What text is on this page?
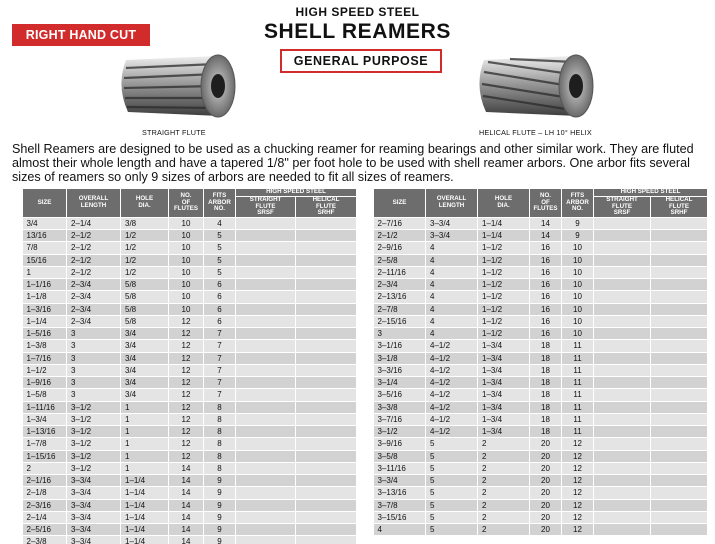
RIGHT HAND CUT
HIGH SPEED STEEL
SHELL REAMERS
GENERAL PURPOSE
STRAIGHT FLUTE	HELICAL FLUTE – LH 10° HELIX

Shell Reamers are designed to be used as a chucking reamer for reaming bearings and other similar work. They are fluted almost their whole length and have a tapered 1/8" per foot hole to be used with shell reamer arbors. One arbor fits several sizes of reamers so only 9 sizes of arbors are needed to fit all sizes of reamers.

SIZE	OVERALL
LENGTH	HOLE
DIA.	NO.
OF
FLUTES	FITS
ARBOR
NO.	HIGH SPEED STEEL	
					STRAIGHT
FLUTE
SRSF	HELICAL
FLUTE
SRHF
3/4	2–1/4	3/8	10	4		
13/16	2–1/2	1/2	10	5		
7/8	2–1/2	1/2	10	5		
15/16	2–1/2	1/2	10	5		
1	2–1/2	1/2	10	5		
1–1/16	2–3/4	5/8	10	6		
1–1/8	2–3/4	5/8	10	6		
1–3/16	2–3/4	5/8	10	6		
1–1/4	2–3/4	5/8	12	6		
1–5/16	3	3/4	12	7		
1–3/8	3	3/4	12	7		
1–7/16	3	3/4	12	7		
1–1/2	3	3/4	12	7		
1–9/16	3	3/4	12	7		
1–5/8	3	3/4	12	7		
1–11/16	3–1/2	1	12	8		
1–3/4	3–1/2	1	12	8		
1–13/16	3–1/2	1	12	8		
1–7/8	3–1/2	1	12	8		
1–15/16	3–1/2	1	12	8		
2	3–1/2	1	14	8		
2–1/16	3–3/4	1–1/4	14	9		
2–1/8	3–3/4	1–1/4	14	9		
2–3/16	3–3/4	1–1/4	14	9		
2–1/4	3–3/4	1–1/4	14	9		
2–5/16	3–3/4	1–1/4	14	9		
2–3/8	3–3/4	1–1/4	14	9		
SIZE	OVERALL
LENGTH	HOLE
DIA.	NO.
OF
FLUTES	FITS
ARBOR
NO.	HIGH SPEED STEEL	
					STRAIGHT
FLUTE
SRSF	HELICAL
FLUTE
SRHF
2–7/16	3–3/4	1–1/4	14	9		
2–1/2	3–3/4	1–1/4	14	9		
2–9/16	4	1–1/2	16	10		
2–5/8	4	1–1/2	16	10		
2–11/16	4	1–1/2	16	10		
2–3/4	4	1–1/2	16	10		
2–13/16	4	1–1/2	16	10		
2–7/8	4	1–1/2	16	10		
2–15/16	4	1–1/2	16	10		
3	4	1–1/2	16	10		
3–1/16	4–1/2	1–3/4	18	11		
3–1/8	4–1/2	1–3/4	18	11		
3–3/16	4–1/2	1–3/4	18	11		
3–1/4	4–1/2	1–3/4	18	11		
3–5/16	4–1/2	1–3/4	18	11		
3–3/8	4–1/2	1–3/4	18	11		
3–7/16	4–1/2	1–3/4	18	11		
3–1/2	4–1/2	1–3/4	18	11		
3–9/16	5	2	20	12		
3–5/8	5	2	20	12		
3–11/16	5	2	20	12		
3–3/4	5	2	20	12		
3–13/16	5	2	20	12		
3–7/8	5	2	20	12		
3–15/16	5	2	20	12		
4	5	2	20	12		
